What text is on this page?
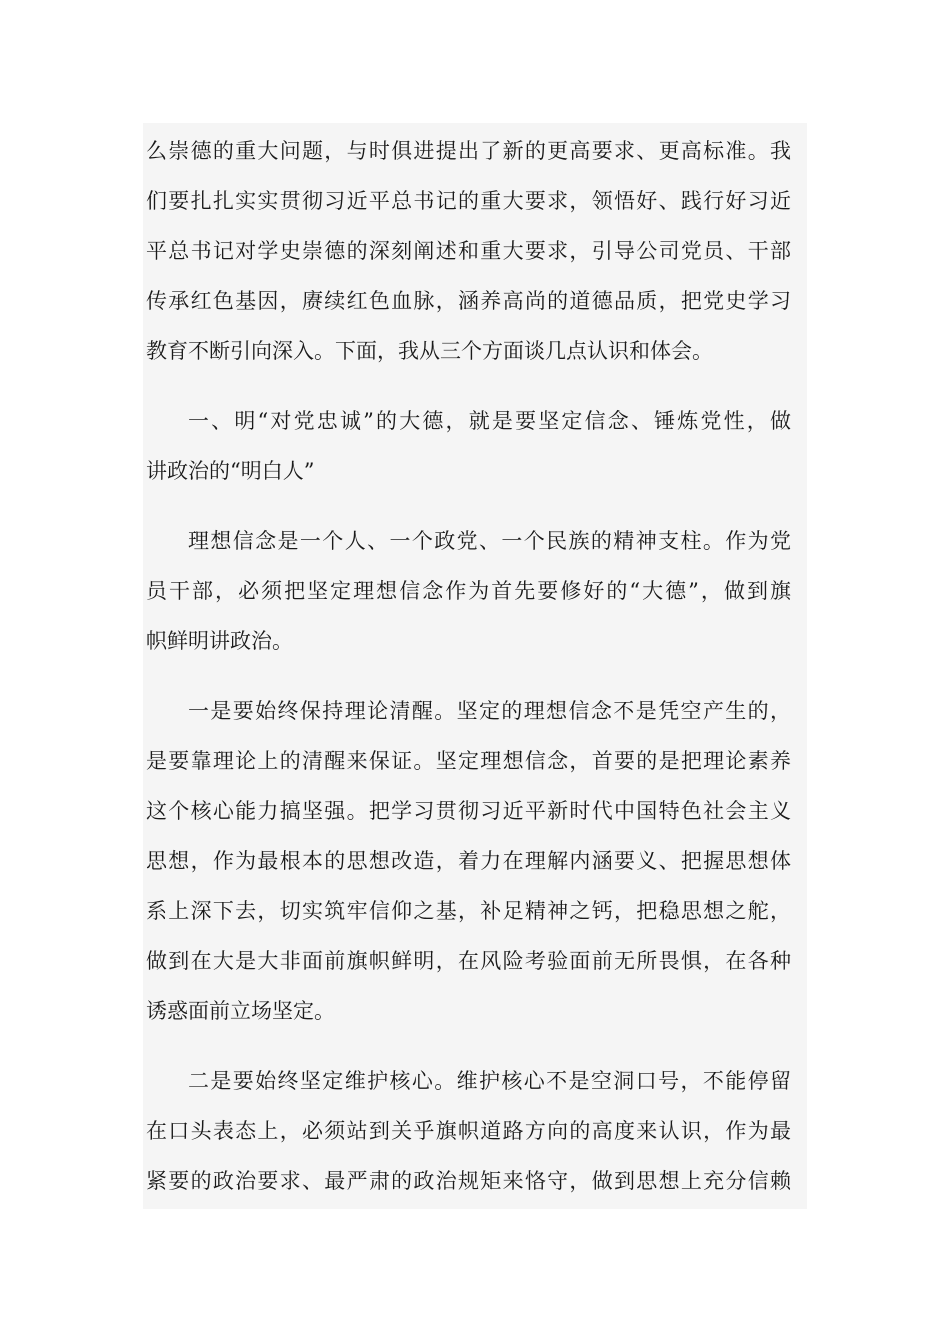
么崇德的重大问题，与时俱进提出了新的更高要求、更高标准。我
们要扎扎实实贯彻习近平总书记的重大要求，领悟好、践行好习近
平总书记对学史崇德的深刻阐述和重大要求，引导公司党员、干部
传承红色基因，赓续红色血脉，涵养高尚的道德品质，把党史学习
教育不断引向深入。下面，我从三个方面谈几点认识和体会。
一、明“对党忠诚”的大德，就是要坚定信念、锤炼党性，做
讲政治的“明白人”
理想信念是一个人、一个政党、一个民族的精神支柱。作为党
员干部，必须把坚定理想信念作为首先要修好的“大德”，做到旗
帜鲜明讲政治。
一是要始终保持理论清醒。坚定的理想信念不是凭空产生的，
是要靠理论上的清醒来保证。坚定理想信念，首要的是把理论素养
这个核心能力搞坚强。把学习贯彻习近平新时代中国特色社会主义
思想，作为最根本的思想改造，着力在理解内涵要义、把握思想体
系上深下去，切实筑牢信仰之基，补足精神之钙，把稳思想之舵，
做到在大是大非面前旗帜鲜明，在风险考验面前无所畏惧，在各种
诱惑面前立场坚定。
二是要始终坚定维护核心。维护核心不是空洞口号，不能停留
在口头表态上，必须站到关乎旗帜道路方向的高度来认识，作为最
紧要的政治要求、最严肃的政治规矩来恪守，做到思想上充分信赖
